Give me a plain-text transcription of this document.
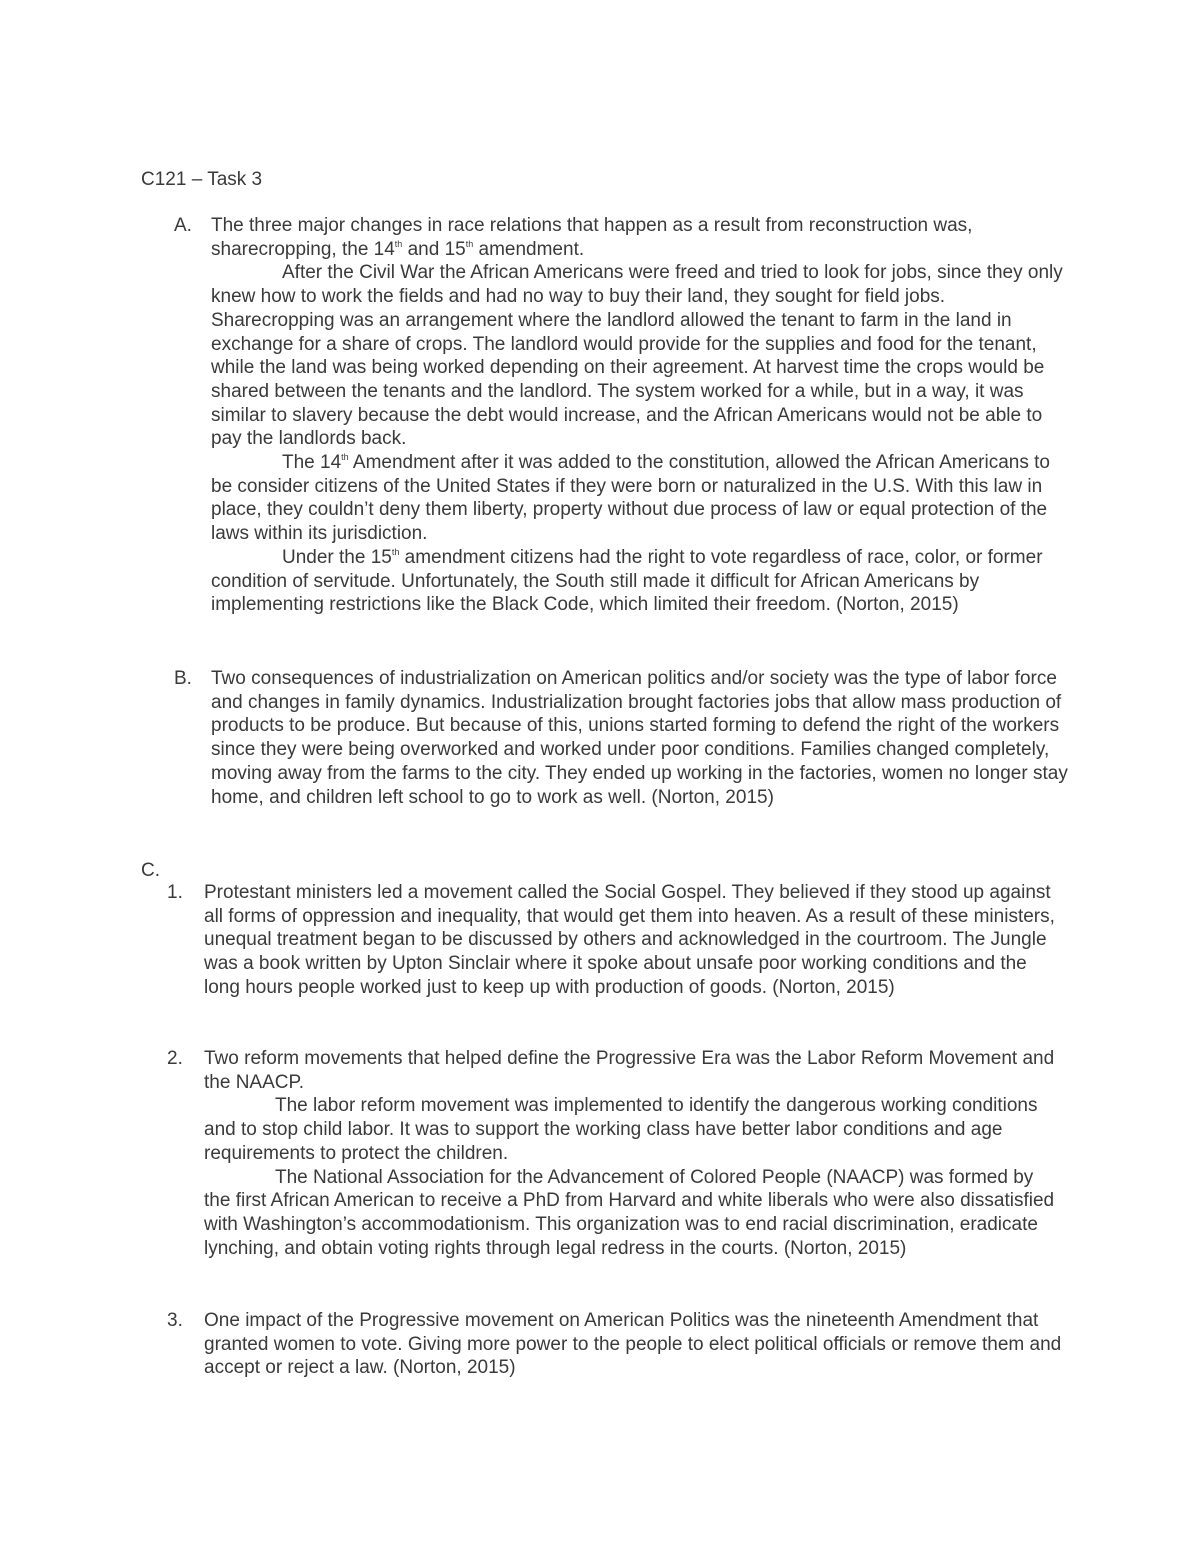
C121 – Task 3
A. The three major changes in race relations that happen as a result from reconstruction was, sharecropping, the 14th and 15th amendment.

After the Civil War the African Americans were freed and tried to look for jobs, since they only knew how to work the fields and had no way to buy their land, they sought for field jobs. Sharecropping was an arrangement where the landlord allowed the tenant to farm in the land in exchange for a share of crops. The landlord would provide for the supplies and food for the tenant, while the land was being worked depending on their agreement. At harvest time the crops would be shared between the tenants and the landlord. The system worked for a while, but in a way, it was similar to slavery because the debt would increase, and the African Americans would not be able to pay the landlords back.

The 14th Amendment after it was added to the constitution, allowed the African Americans to be consider citizens of the United States if they were born or naturalized in the U.S. With this law in place, they couldn’t deny them liberty, property without due process of law or equal protection of the laws within its jurisdiction.

Under the 15th amendment citizens had the right to vote regardless of race, color, or former condition of servitude. Unfortunately, the South still made it difficult for African Americans by implementing restrictions like the Black Code, which limited their freedom. (Norton, 2015)

B. Two consequences of industrialization on American politics and/or society was the type of labor force and changes in family dynamics. Industrialization brought factories jobs that allow mass production of products to be produce. But because of this, unions started forming to defend the right of the workers since they were being overworked and worked under poor conditions. Families changed completely, moving away from the farms to the city. They ended up working in the factories, women no longer stay home, and children left school to go to work as well. (Norton, 2015)

C.

1. Protestant ministers led a movement called the Social Gospel. They believed if they stood up against all forms of oppression and inequality, that would get them into heaven. As a result of these ministers, unequal treatment began to be discussed by others and acknowledged in the courtroom. The Jungle was a book written by Upton Sinclair where it spoke about unsafe poor working conditions and the long hours people worked just to keep up with production of goods. (Norton, 2015)

2. Two reform movements that helped define the Progressive Era was the Labor Reform Movement and the NAACP.

The labor reform movement was implemented to identify the dangerous working conditions and to stop child labor. It was to support the working class have better labor conditions and age requirements to protect the children.

The National Association for the Advancement of Colored People (NAACP) was formed by the first African American to receive a PhD from Harvard and white liberals who were also dissatisfied with Washington’s accommodationism. This organization was to end racial discrimination, eradicate lynching, and obtain voting rights through legal redress in the courts. (Norton, 2015)

3. One impact of the Progressive movement on American Politics was the nineteenth Amendment that granted women to vote. Giving more power to the people to elect political officials or remove them and accept or reject a law. (Norton, 2015)
